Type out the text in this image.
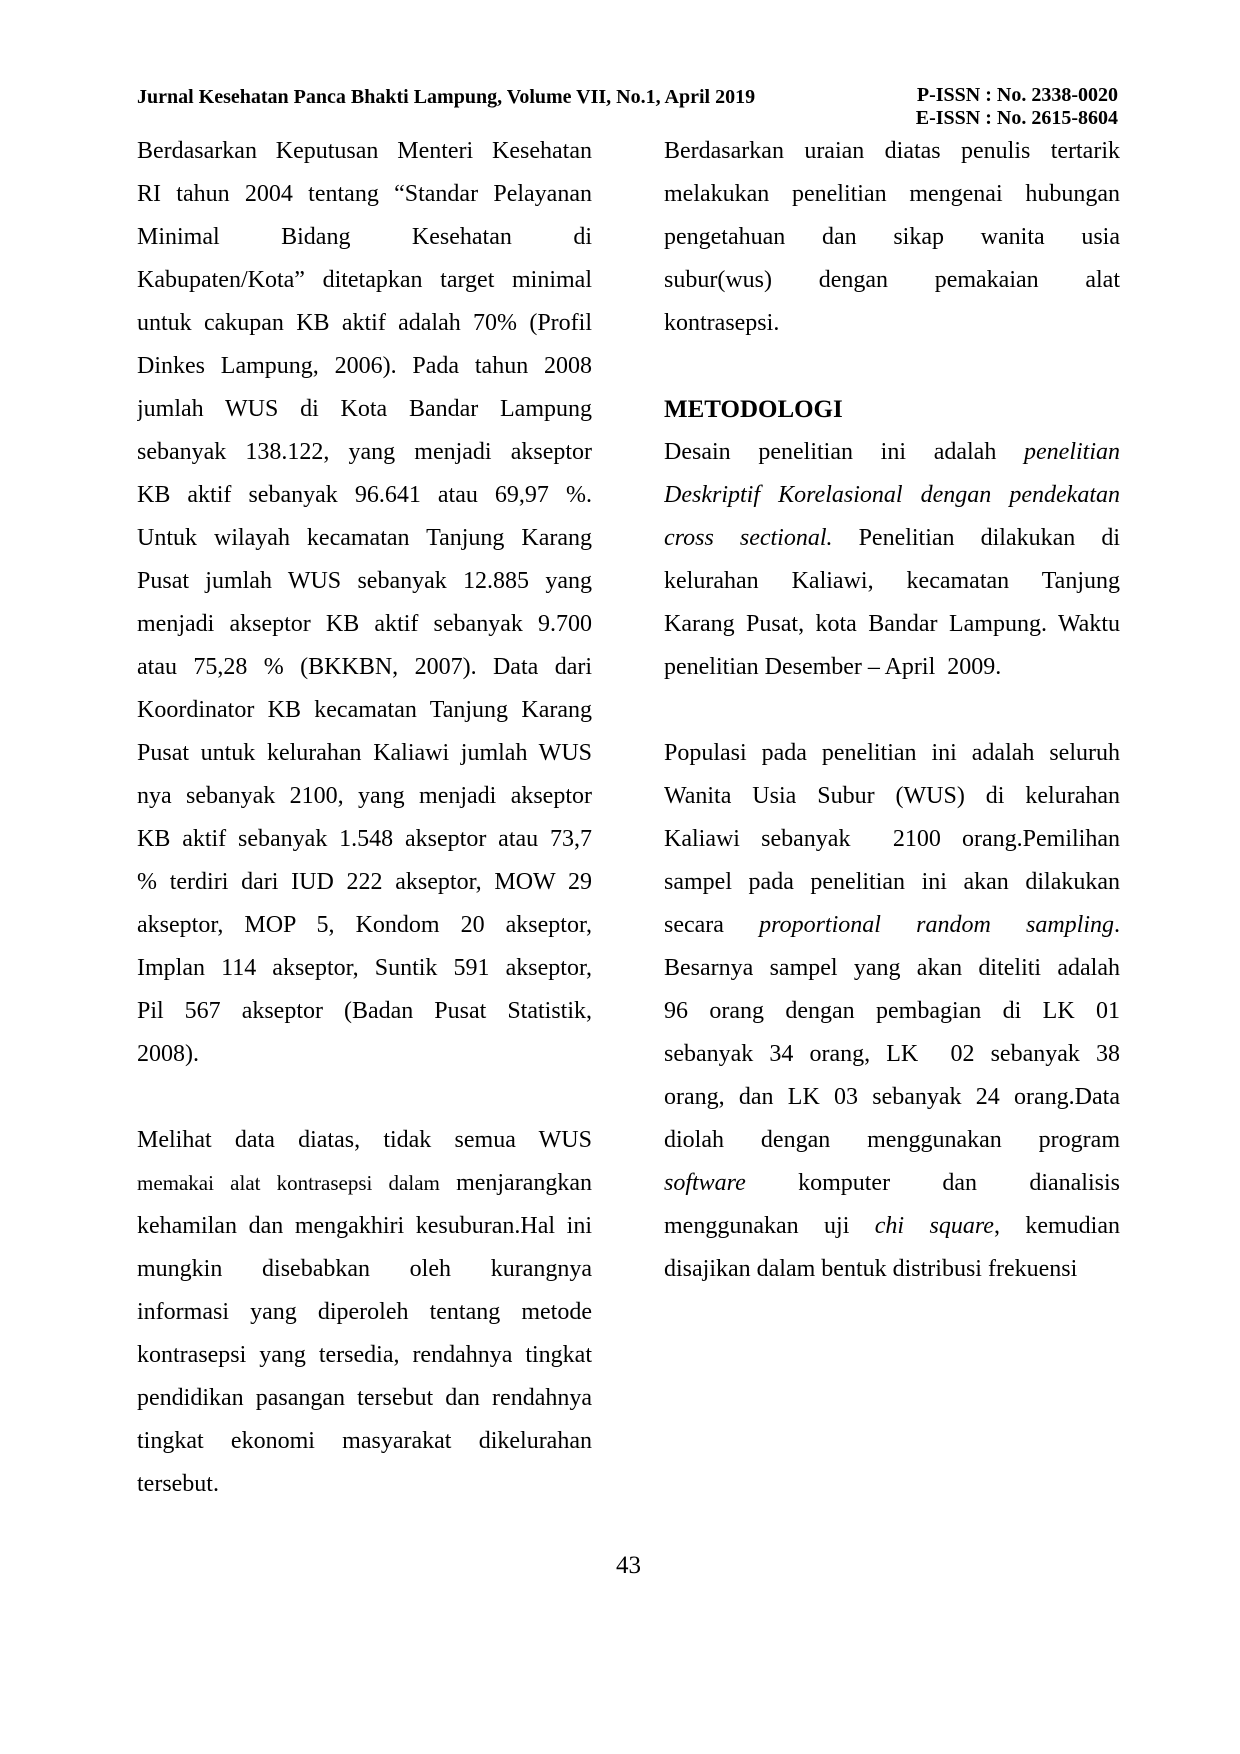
Jurnal Kesehatan Panca Bhakti Lampung, Volume VII, No.1, April 2019	P-ISSN : No. 2338-0020
E-ISSN : No. 2615-8604
Berdasarkan Keputusan Menteri Kesehatan
RI tahun 2004 tentang “Standar Pelayanan
Minimal Bidang Kesehatan di
Kabupaten/Kota” ditetapkan target minimal
untuk cakupan KB aktif adalah 70% (Profil
Dinkes Lampung, 2006). Pada tahun 2008
jumlah WUS di Kota Bandar Lampung
sebanyak 138.122, yang menjadi akseptor
KB aktif sebanyak 96.641 atau 69,97 %.
Untuk wilayah kecamatan Tanjung Karang
Pusat jumlah WUS sebanyak 12.885 yang
menjadi akseptor KB aktif sebanyak 9.700
atau 75,28 % (BKKBN, 2007). Data dari
Koordinator KB kecamatan Tanjung Karang
Pusat untuk kelurahan Kaliawi jumlah WUS
nya sebanyak 2100, yang menjadi akseptor
KB aktif sebanyak 1.548 akseptor atau 73,7
% terdiri dari IUD 222 akseptor, MOW 29
akseptor, MOP 5, Kondom 20 akseptor,
Implan 114 akseptor, Suntik 591 akseptor,
Pil 567 akseptor (Badan Pusat Statistik,
2008).
Melihat data diatas, tidak semua WUS
memakai alat kontrasepsi dalam menjarangkan
kehamilan dan mengakhiri kesuburan.Hal ini
mungkin disebabkan oleh kurangnya
informasi yang diperoleh tentang metode
kontrasepsi yang tersedia, rendahnya tingkat
pendidikan pasangan tersebut dan rendahnya
tingkat ekonomi masyarakat dikelurahan
tersebut.
Berdasarkan uraian diatas penulis tertarik
melakukan penelitian mengenai hubungan
pengetahuan dan sikap wanita usia
subur(wus) dengan pemakaian alat
kontrasepsi.
METODOLOGI
Desain penelitian ini adalah penelitian
Deskriptif Korelasional dengan pendekatan
cross sectional. Penelitian dilakukan di
kelurahan Kaliawi, kecamatan Tanjung
Karang Pusat, kota Bandar Lampung. Waktu
penelitian Desember – April  2009.
Populasi pada penelitian ini adalah seluruh
Wanita Usia Subur (WUS) di kelurahan
Kaliawi sebanyak  2100 orang.Pemilihan
sampel pada penelitian ini akan dilakukan
secara proportional random sampling.
Besarnya sampel yang akan diteliti adalah
96 orang dengan pembagian di LK 01
sebanyak 34 orang, LK  02 sebanyak 38
orang, dan LK 03 sebanyak 24 orang.Data
diolah dengan menggunakan program
software komputer dan dianalisis
menggunakan uji chi square, kemudian
disajikan dalam bentuk distribusi frekuensi
43
